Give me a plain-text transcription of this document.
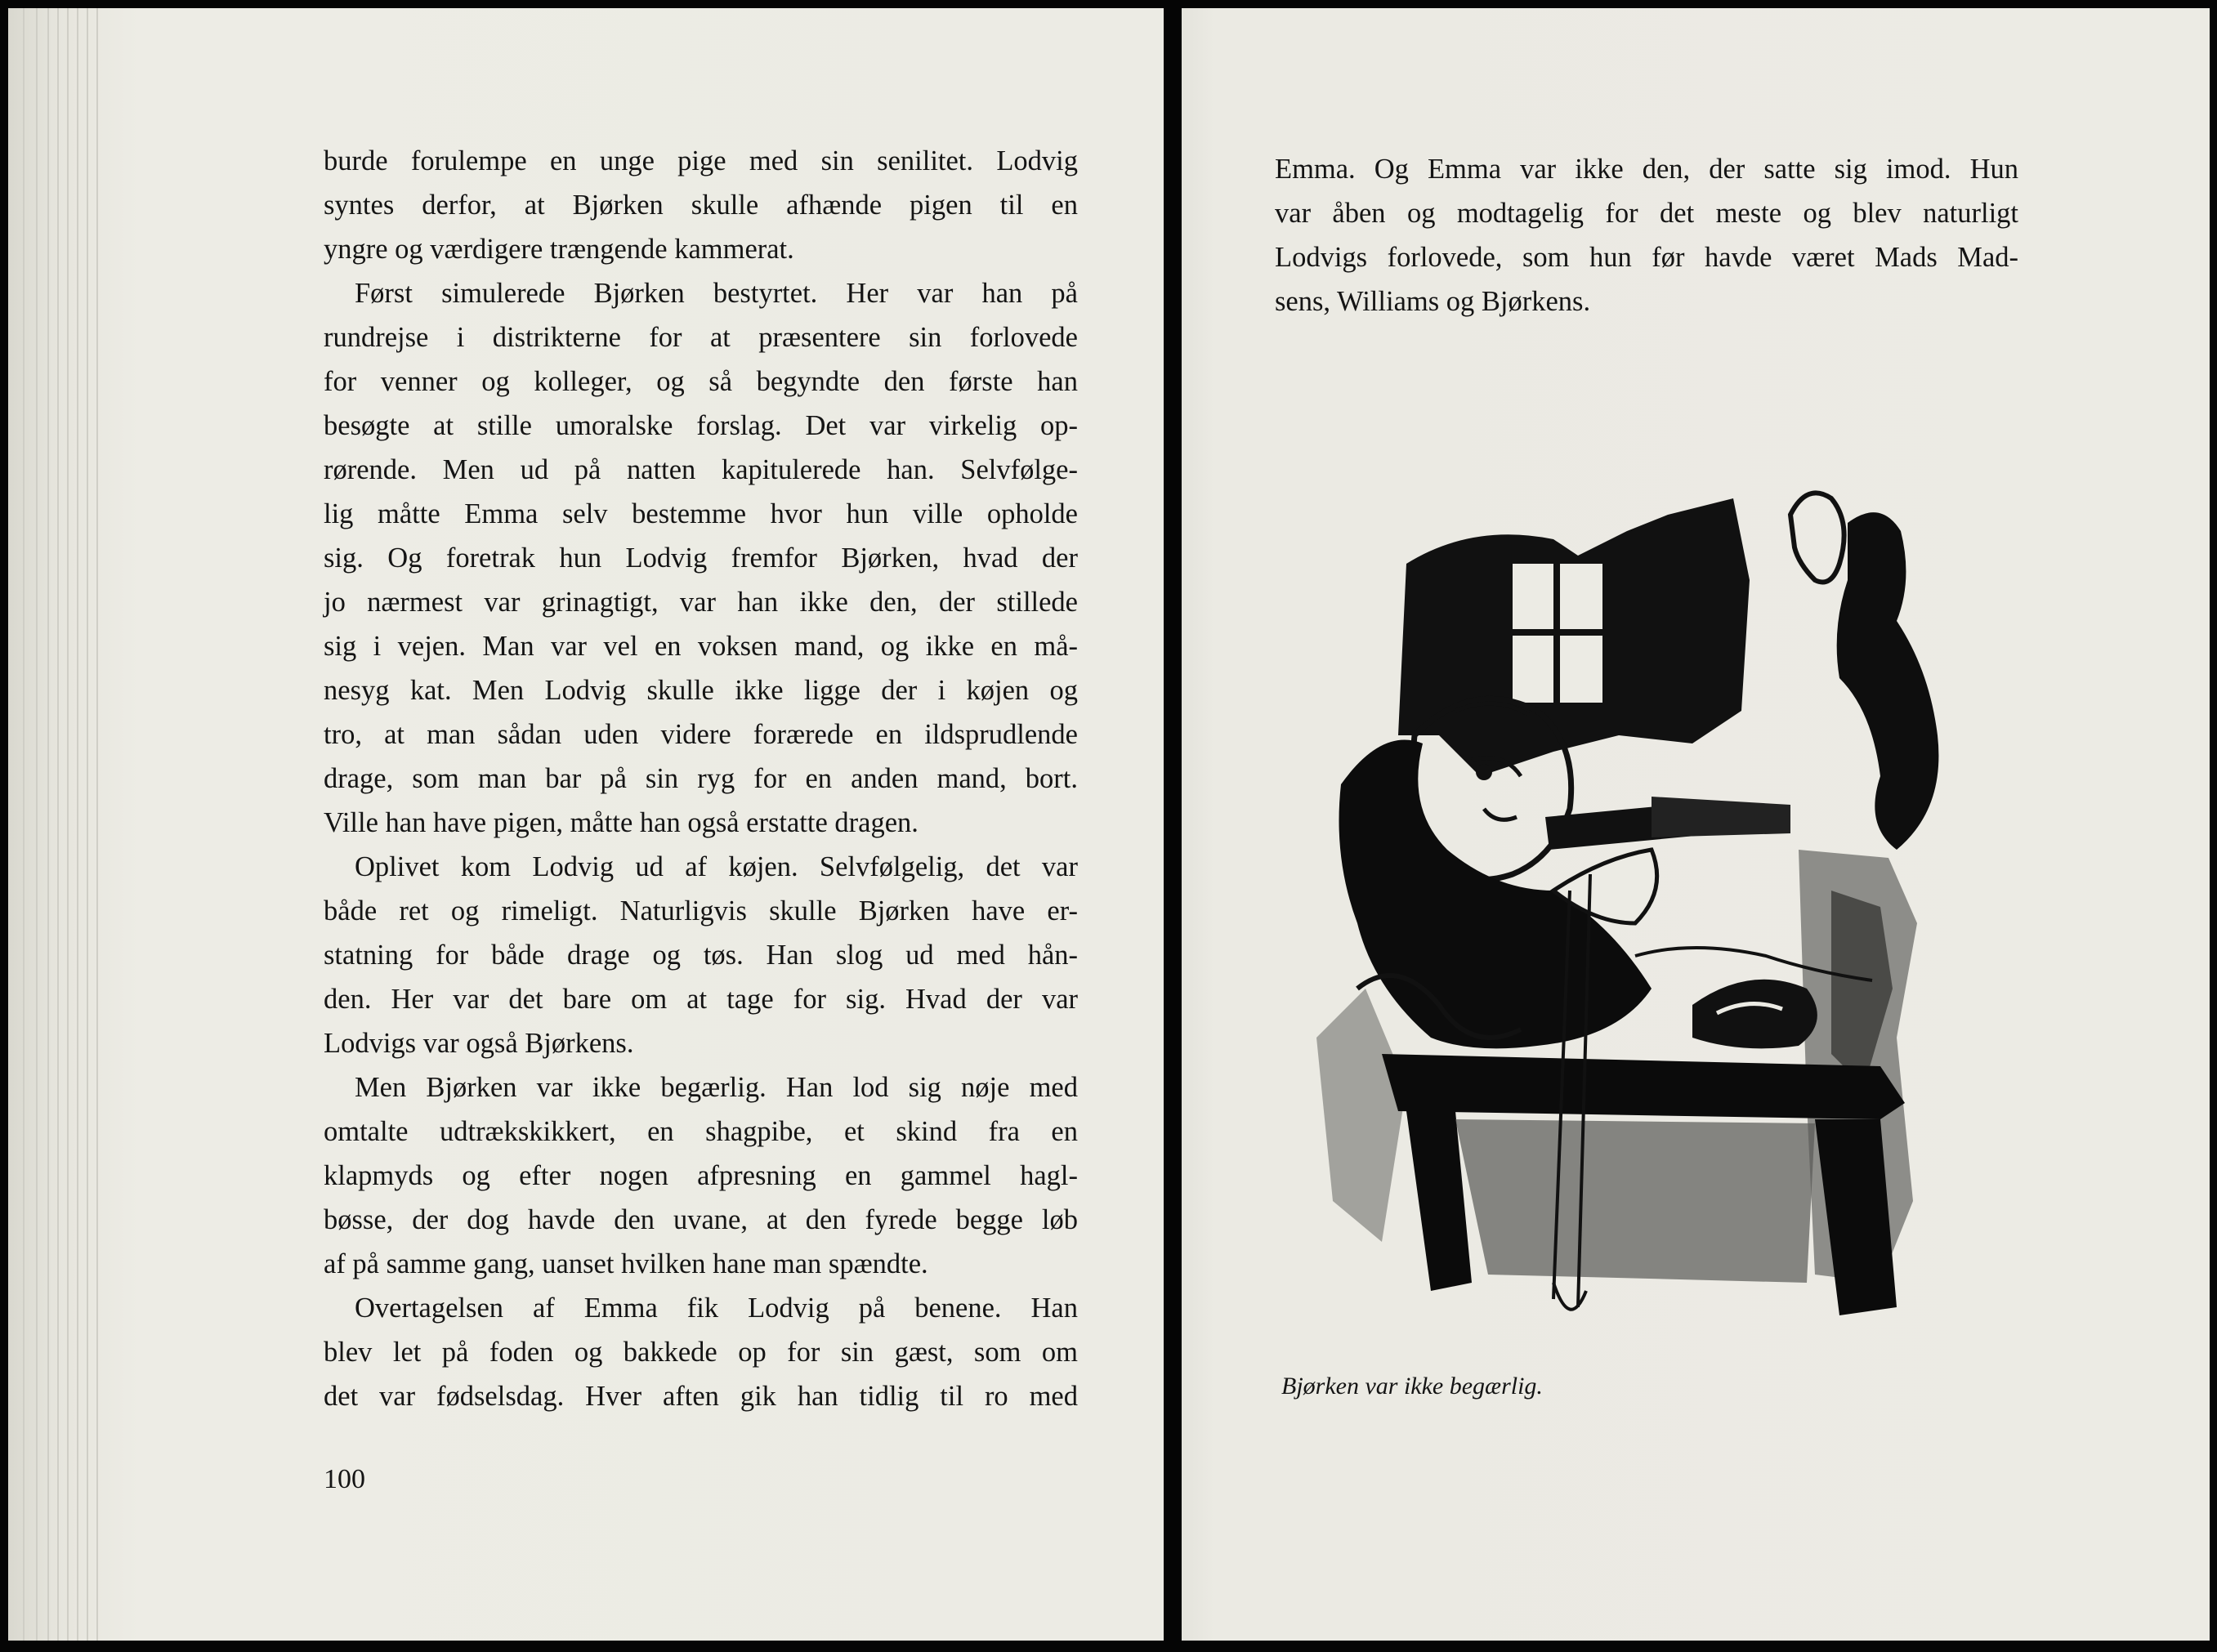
burde forulempe en unge pige med sin senilitet. Lodvig
syntes derfor, at Bjørken skulle afhænde pigen til en
yngre og værdigere trængende kammerat.
Først simulerede Bjørken bestyrtet. Her var han på
rundrejse i distrikterne for at præsentere sin forlovede
for venner og kolleger, og så begyndte den første han
besøgte at stille umoralske forslag. Det var virkelig op-
rørende. Men ud på natten kapitulerede han. Selvfølge-
lig måtte Emma selv bestemme hvor hun ville opholde
sig. Og foretrak hun Lodvig fremfor Bjørken, hvad der
jo nærmest var grinagtigt, var han ikke den, der stillede
sig i vejen. Man var vel en voksen mand, og ikke en må-
nesyg kat. Men Lodvig skulle ikke ligge der i køjen og
tro, at man sådan uden videre forærede en ildsprudlende
drage, som man bar på sin ryg for en anden mand, bort.
Ville han have pigen, måtte han også erstatte dragen.
Oplivet kom Lodvig ud af køjen. Selvfølgelig, det var
både ret og rimeligt. Naturligvis skulle Bjørken have er-
statning for både drage og tøs. Han slog ud med hån-
den. Her var det bare om at tage for sig. Hvad der var
Lodvigs var også Bjørkens.
Men Bjørken var ikke begærlig. Han lod sig nøje med
omtalte udtrækskikkert, en shagpibe, et skind fra en
klapmyds og efter nogen afpresning en gammel hagl-
bøsse, der dog havde den uvane, at den fyrede begge løb
af på samme gang, uanset hvilken hane man spændte.
Overtagelsen af Emma fik Lodvig på benene. Han
blev let på foden og bakkede op for sin gæst, som om
det var fødselsdag. Hver aften gik han tidlig til ro med
100
Emma. Og Emma var ikke den, der satte sig imod. Hun
var åben og modtagelig for det meste og blev naturligt
Lodvigs forlovede, som hun før havde været Mads Mad-
sens, Williams og Bjørkens.
Bjørken var ikke begærlig.
